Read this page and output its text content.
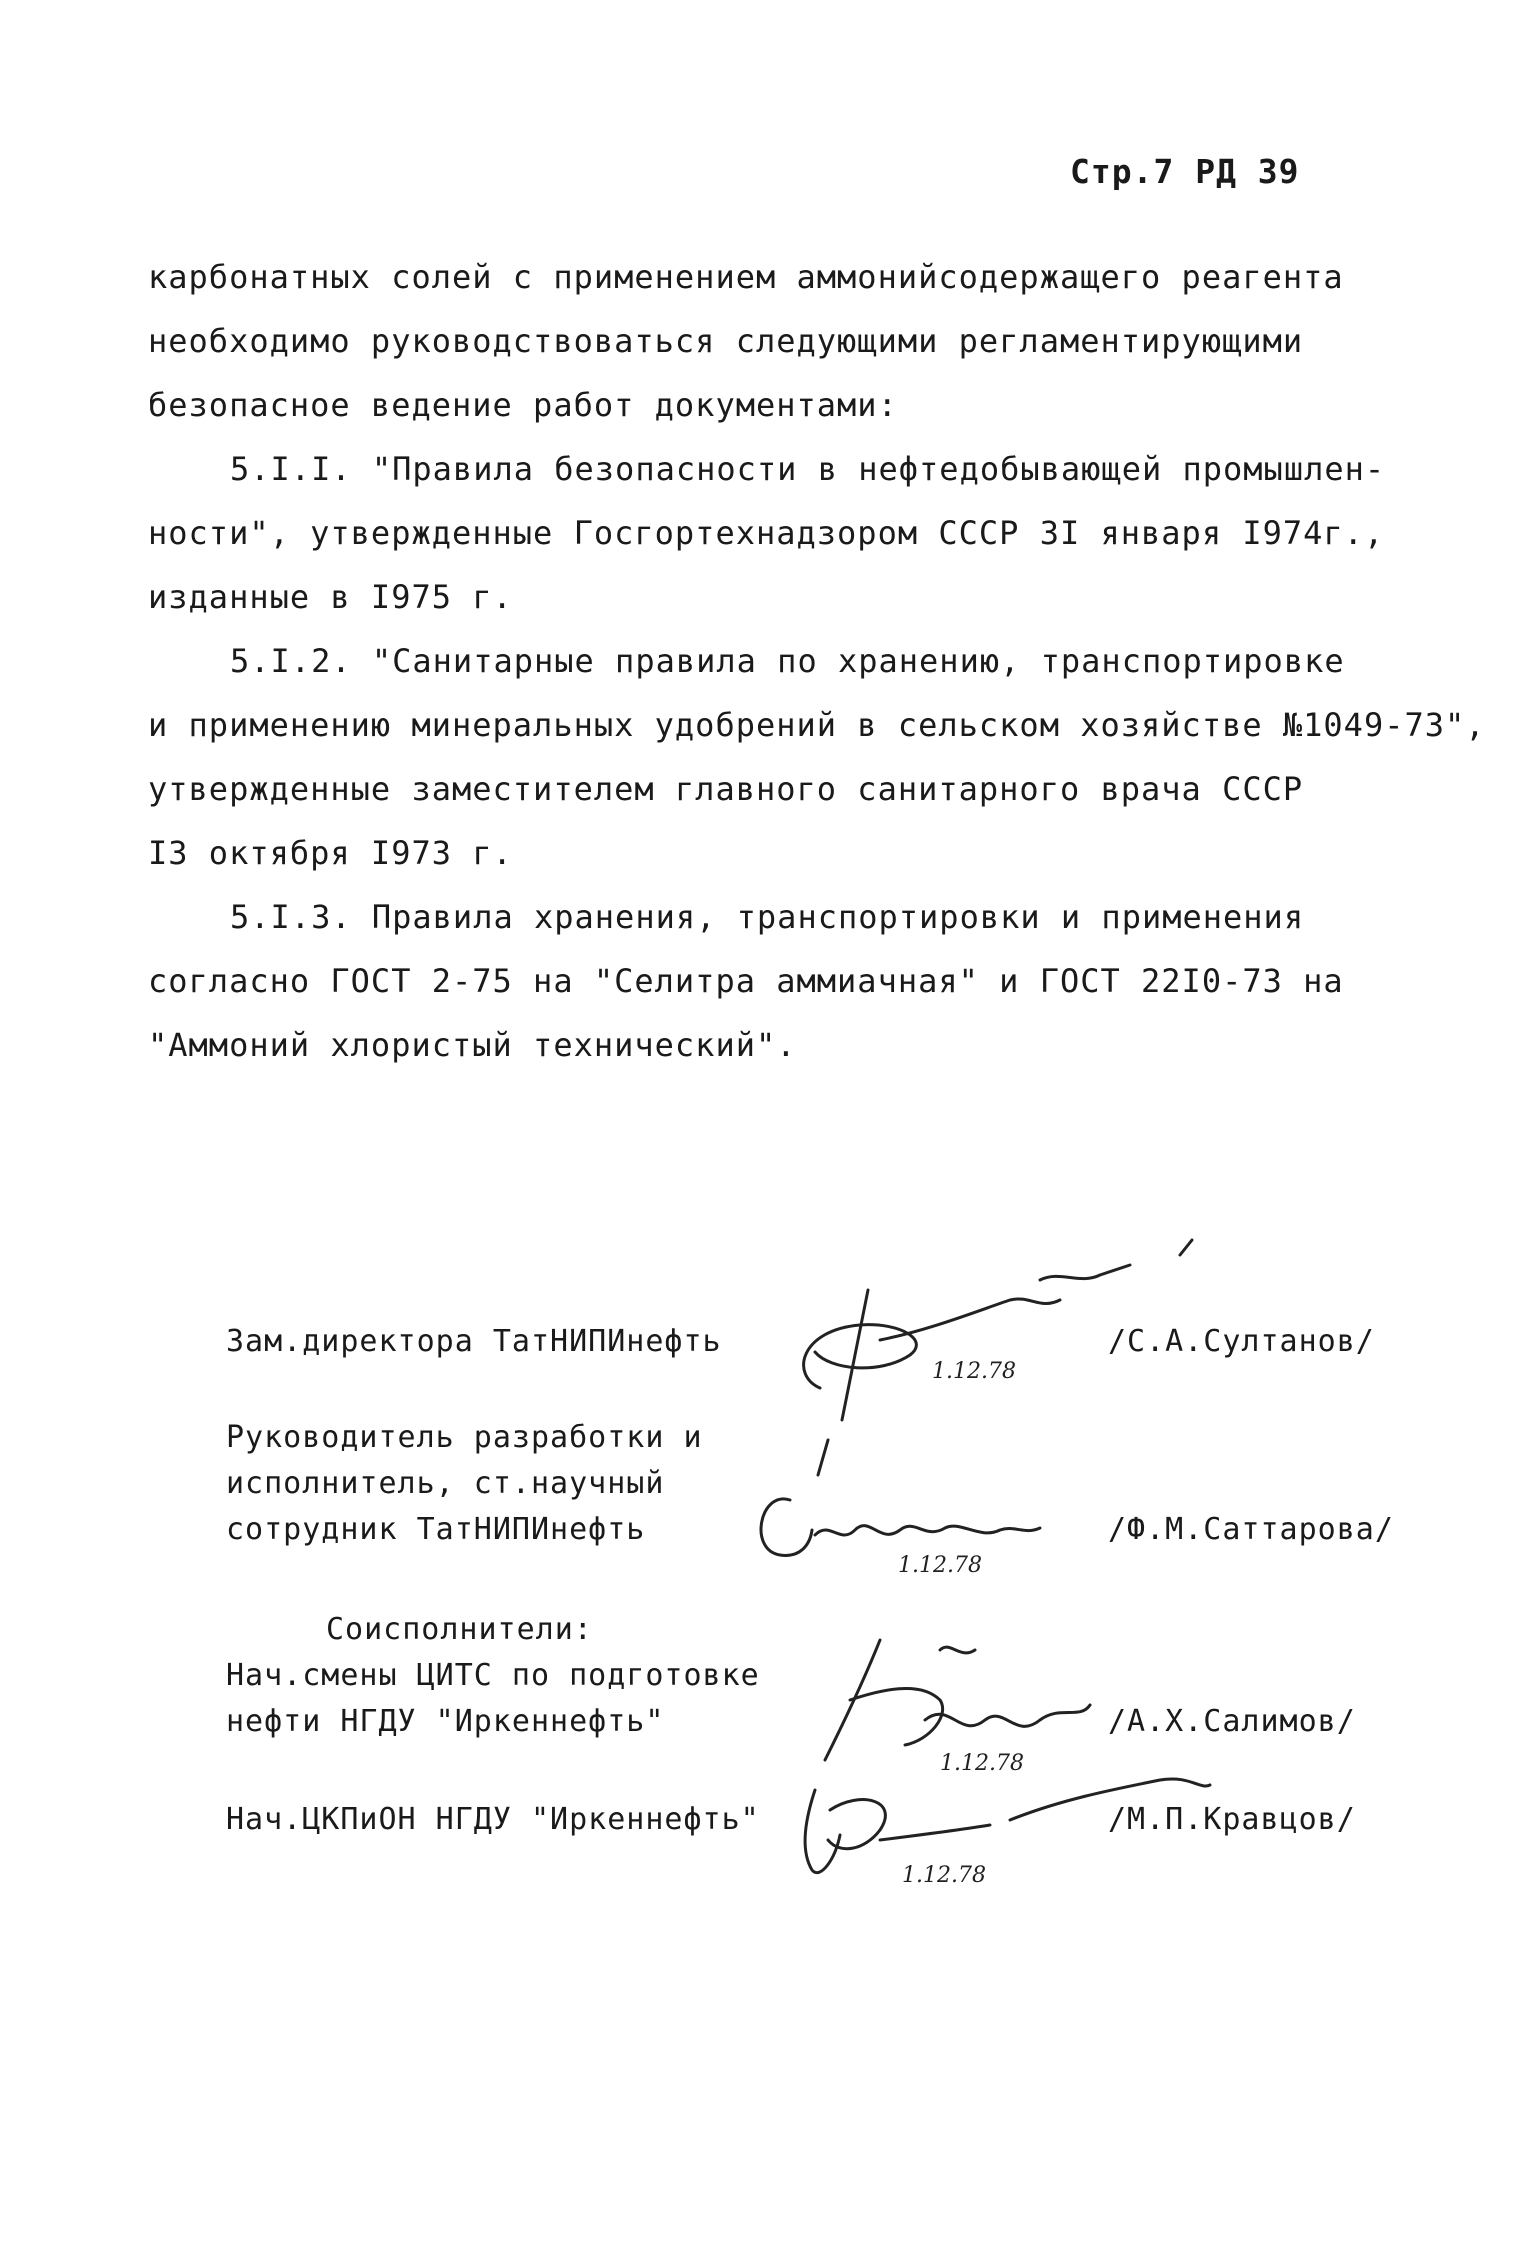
Стр.7 РД 39
карбонатных солей с применением аммонийсодержащего реагента
необходимо руководствоваться следующими регламентирующими
безопасное ведение работ документами:
5.I.I. "Правила безопасности в нефтедобывающей промышлен-
ности", утвержденные Госгортехнадзором СССР 3I января I974г.,
изданные в I975 г.
5.I.2. "Санитарные правила по хранению, транспортировке
и применению минеральных удобрений в сельском хозяйстве №1049-73",
утвержденные заместителем главного санитарного врача СССР
I3 октября I973 г.
5.I.3. Правила хранения, транспортировки и применения
согласно ГОСТ 2-75 на "Селитра аммиачная" и ГОСТ 22I0-73 на
"Аммоний хлористый технический".
Зам.директора ТатНИПИнефть	/С.А.Султанов/
Руководитель разработки и
исполнитель, ст.научный
сотрудник ТатНИПИнефть	/Ф.М.Саттарова/
Соисполнители:
Нач.смены ЦИТС по подготовке
нефти НГДУ "Иркеннефть"	/А.Х.Салимов/
Нач.ЦКПиОН НГДУ "Иркеннефть"	/М.П.Кравцов/
1.12.78
1.12.78
1.12.78
1.12.78
